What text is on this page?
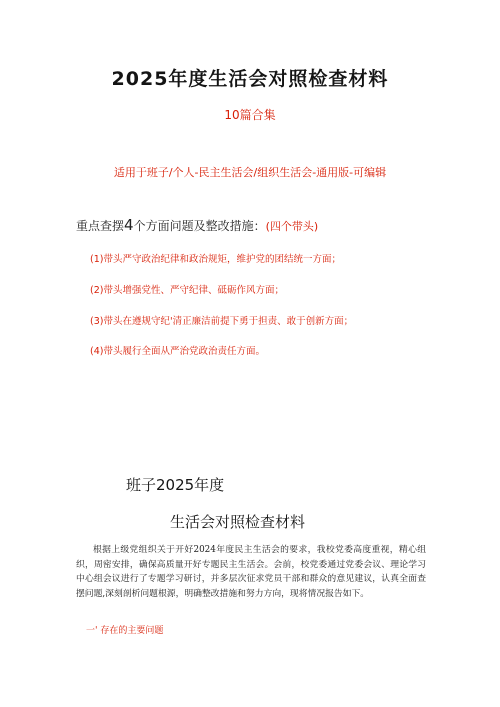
2025年度生活会对照检查材料
10篇合集
适用于班子/个人-民主生活会/组织生活会-通用版-可编辑
重点查摆4个方面问题及整改措施：(四个带头)
(1)带头严守政治纪律和政治规矩，维护党的团结统一方面；
(2)带头增强党性、严守纪律、砥砺作风方面；
(3)带头在遵规守纪'清正廉洁前提下勇于担责、敢于创新方面；
(4)带头履行全面从严治党政治责任方面。
班子2025年度
生活会对照检查材料
根据上级党组织关于开好2024年度民主生活会的要求，我校党委高度重视，精心组织，周密安排，确保高质量开好专题民主生活会。会前，校党委通过党委会议、理论学习中心组会议进行了专题学习研讨，并多层次征求党员干部和群众的意见建议，认真全面查摆问题,深刻剖析问题根源，明确整改措施和努力方向，现将情况报告如下。
一' 存在的主要问题
